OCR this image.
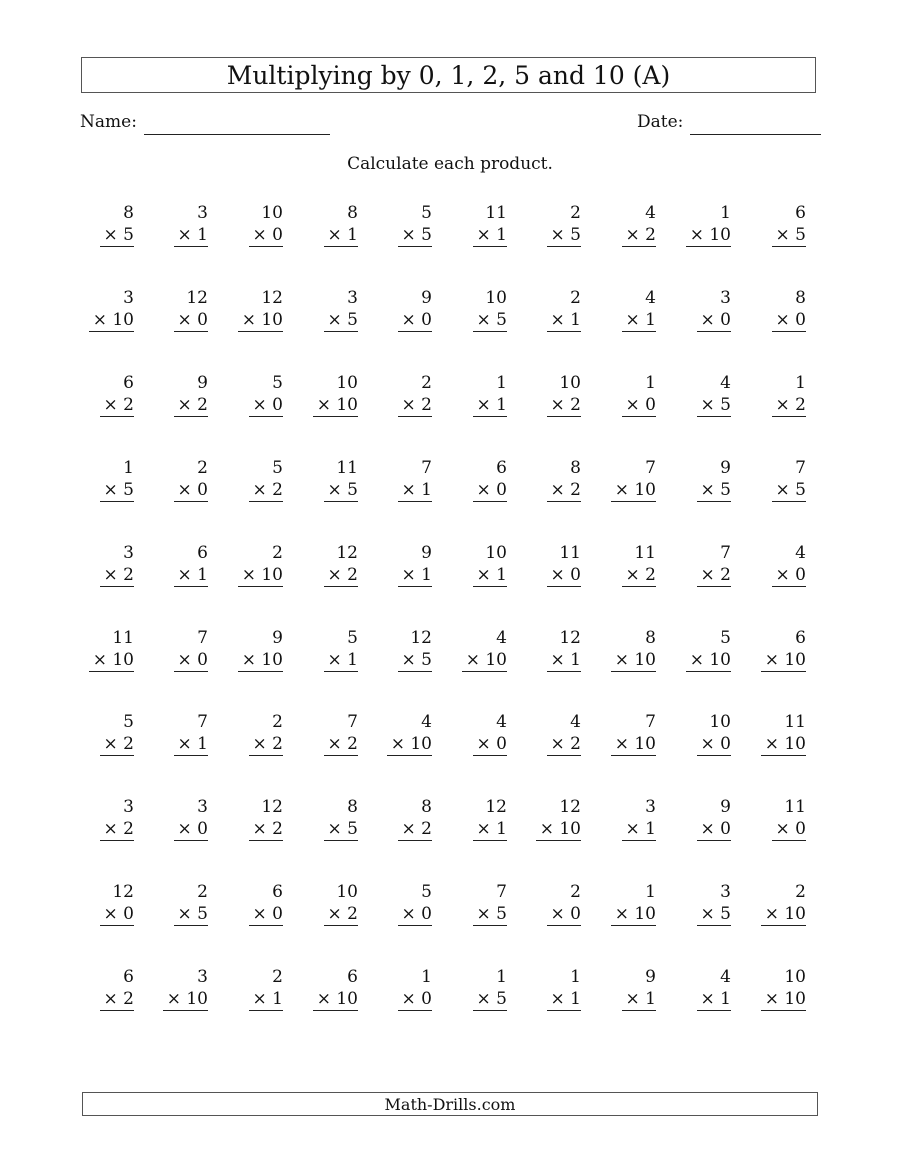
Multiplying by 0, 1, 2, 5 and 10 (A)
Name:	Date:
Calculate each product.
8
× 5
3
× 1
10
× 0
8
× 1
5
× 5
11
× 1
2
× 5
4
× 2
1
× 10
6
× 5
3
× 10
12
× 0
12
× 10
3
× 5
9
× 0
10
× 5
2
× 1
4
× 1
3
× 0
8
× 0
6
× 2
9
× 2
5
× 0
10
× 10
2
× 2
1
× 1
10
× 2
1
× 0
4
× 5
1
× 2
1
× 5
2
× 0
5
× 2
11
× 5
7
× 1
6
× 0
8
× 2
7
× 10
9
× 5
7
× 5
3
× 2
6
× 1
2
× 10
12
× 2
9
× 1
10
× 1
11
× 0
11
× 2
7
× 2
4
× 0
11
× 10
7
× 0
9
× 10
5
× 1
12
× 5
4
× 10
12
× 1
8
× 10
5
× 10
6
× 10
5
× 2
7
× 1
2
× 2
7
× 2
4
× 10
4
× 0
4
× 2
7
× 10
10
× 0
11
× 10
3
× 2
3
× 0
12
× 2
8
× 5
8
× 2
12
× 1
12
× 10
3
× 1
9
× 0
11
× 0
12
× 0
2
× 5
6
× 0
10
× 2
5
× 0
7
× 5
2
× 0
1
× 10
3
× 5
2
× 10
6
× 2
3
× 10
2
× 1
6
× 10
1
× 0
1
× 5
1
× 1
9
× 1
4
× 1
10
× 10
Math-Drills.com
